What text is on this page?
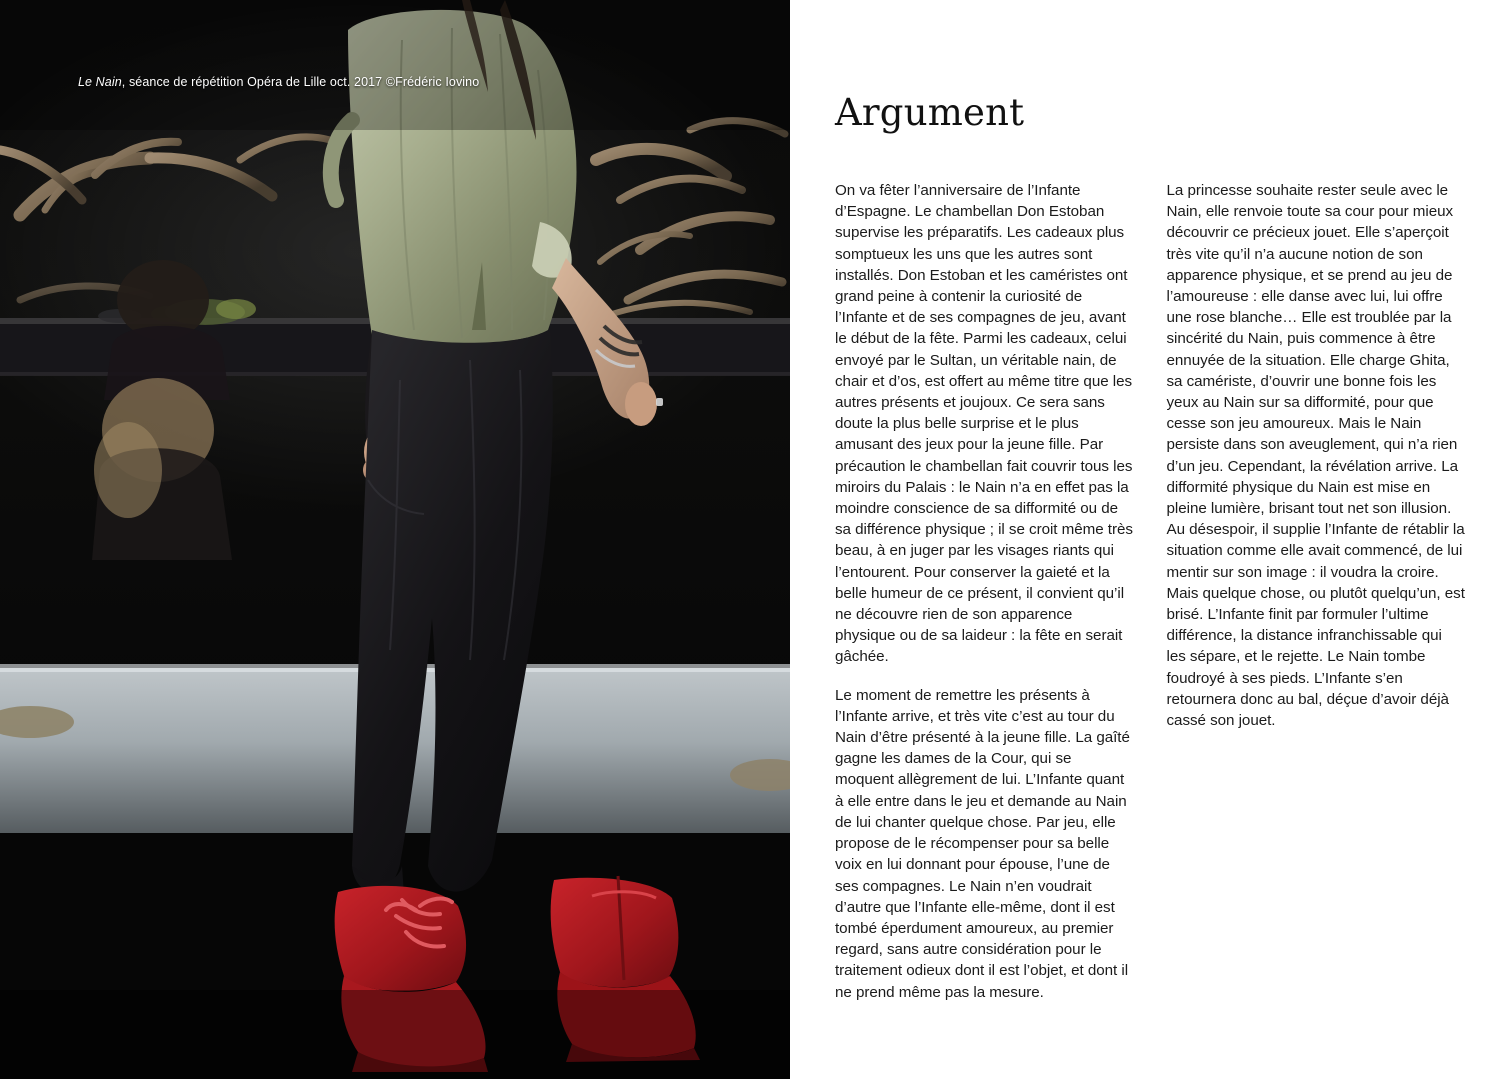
Le Nain, séance de répétition Opéra de Lille oct. 2017 ©Frédéric Iovino
Argument

On va fêter l’anniversaire de l’Infante d’Espagne. Le chambellan Don Estoban supervise les préparatifs. Les cadeaux plus somptueux les uns que les autres sont installés. Don Estoban et les caméristes ont grand peine à contenir la curiosité de l’Infante et de ses compagnes de jeu, avant le début de la fête. Parmi les cadeaux, celui envoyé par le Sultan, un véritable nain, de chair et d’os, est offert au même titre que les autres présents et joujoux. Ce sera sans doute la plus belle surprise et le plus amusant des jeux pour la jeune fille. Par précaution le chambellan fait couvrir tous les miroirs du Palais : le Nain n’a en effet pas la moindre conscience de sa difformité ou de sa différence physique ; il se croit même très beau, à en juger par les visages riants qui l’entourent. Pour conserver la gaieté et la belle humeur de ce présent, il convient qu’il ne découvre rien de son apparence physique ou de sa laideur : la fête en serait gâchée.

Le moment de remettre les présents à l’Infante arrive, et très vite c’est au tour du Nain d’être présenté à la jeune fille. La gaîté gagne les dames de la Cour, qui se moquent allègrement de lui. L’Infante quant à elle entre dans le jeu et demande au Nain de lui chanter quelque chose. Par jeu, elle propose de le récompenser pour sa belle voix en lui donnant pour épouse, l’une de ses compagnes. Le Nain n’en voudrait d’autre que l’Infante elle-même, dont il est tombé éperdument amoureux, au premier regard, sans autre considération pour le traitement odieux dont il est l’objet, et dont il ne prend même pas la mesure.

La princesse souhaite rester seule avec le Nain, elle renvoie toute sa cour pour mieux découvrir ce précieux jouet. Elle s’aperçoit très vite qu’il n’a aucune notion de son apparence physique, et se prend au jeu de l’amoureuse : elle danse avec lui, lui offre une rose blanche… Elle est troublée par la sincérité du Nain, puis commence à être ennuyée de la situation. Elle charge Ghita, sa camériste, d’ouvrir une bonne fois les yeux au Nain sur sa difformité, pour que cesse son jeu amoureux. Mais le Nain persiste dans son aveuglement, qui n’a rien d’un jeu. Cependant, la révélation arrive. La difformité physique du Nain est mise en pleine lumière, brisant tout net son illusion. Au désespoir, il supplie l’Infante de rétablir la situation comme elle avait commencé, de lui mentir sur son image : il voudra la croire. Mais quelque chose, ou plutôt quelqu’un, est brisé. L’Infante finit par formuler l’ultime différence, la distance infranchissable qui les sépare, et le rejette. Le Nain tombe foudroyé à ses pieds. L’Infante s’en retournera donc au bal, déçue d’avoir déjà cassé son jouet.
